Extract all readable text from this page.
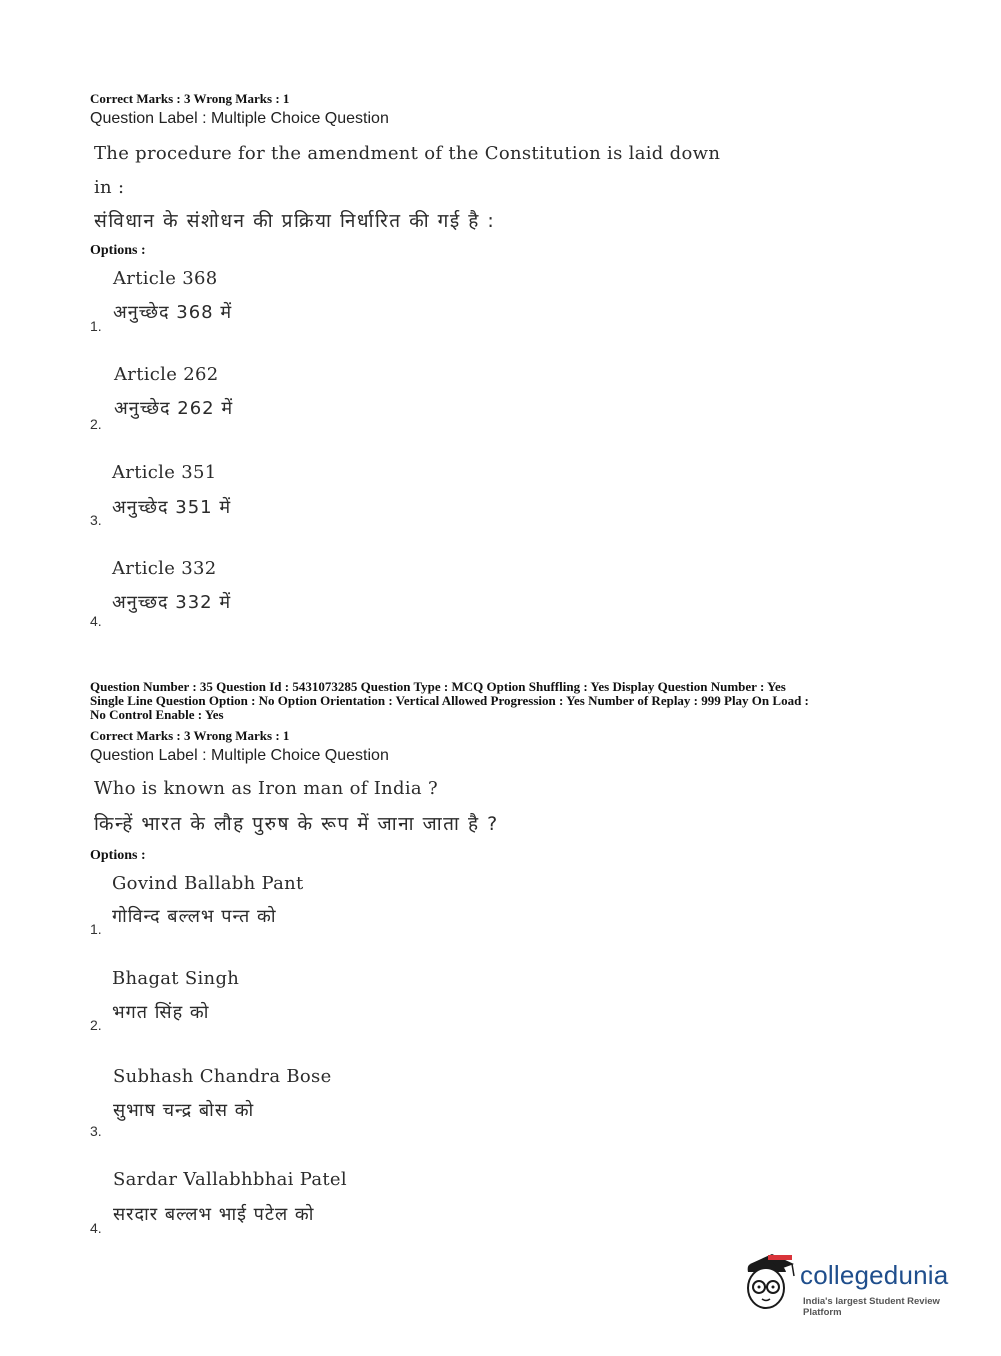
Correct Marks : 3 Wrong Marks : 1
Question Label : Multiple Choice Question
The procedure for the amendment of the Constitution is laid down
in :
संविधान के संशोधन की प्रक्रिया निर्धारित की गई है :
Options :
Article 368
अनुच्छेद 368 में
1.
Article 262
अनुच्छेद 262 में
2.
Article 351
अनुच्छेद 351 में
3.
Article 332
अनुच्छद 332 में
4.
Question Number : 35 Question Id : 5431073285 Question Type : MCQ Option Shuffling : Yes Display Question Number : Yes
Single Line Question Option : No Option Orientation : Vertical Allowed Progression : Yes Number of Replay : 999 Play On Load :
No Control Enable : Yes
Correct Marks : 3 Wrong Marks : 1
Question Label : Multiple Choice Question
Who is known as Iron man of India ?
किन्हें भारत के लौह पुरुष के रूप में जाना जाता है ?
Options :
Govind Ballabh Pant
गोविन्द बल्लभ पन्त को
1.
Bhagat Singh
भगत सिंह को
2.
Subhash Chandra Bose
सुभाष चन्द्र बोस को
3.
Sardar Vallabhbhai Patel
सरदार बल्लभ भाई पटेल को
4.
collegedunia
India's largest Student Review Platform
